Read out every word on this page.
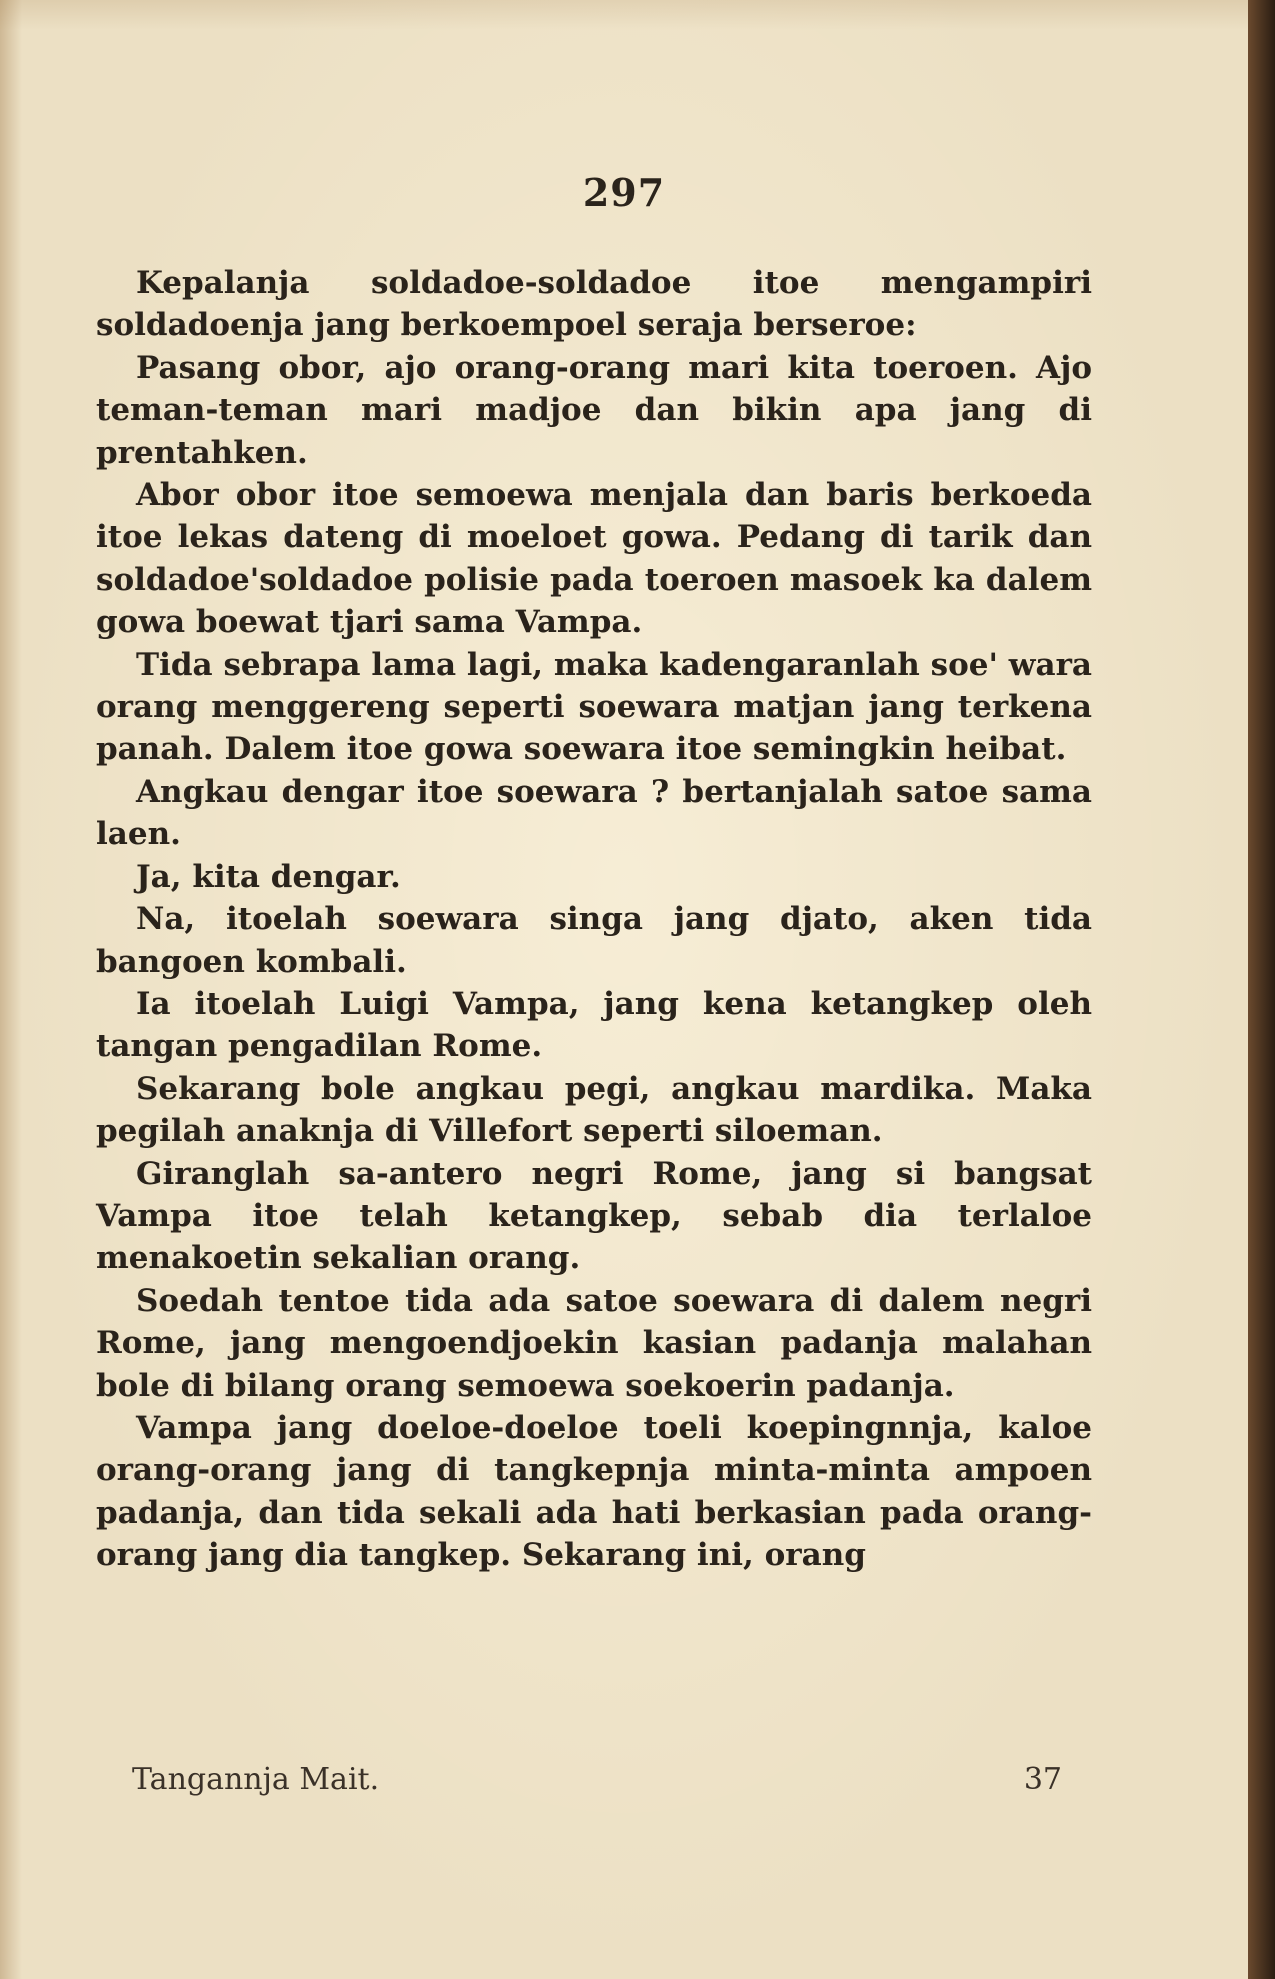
297

Kepalanja soldadoe-soldadoe itoe mengampiri soldadoenja jang berkoempoel seraja berseroe:

Pasang obor, ajo orang-orang mari kita toeroen. Ajo teman-teman mari madjoe dan bikin apa jang di prentahken.

Abor obor itoe semoewa menjala dan baris berkoeda itoe lekas dateng di moeloet gowa. Pedang di tarik dan soldadoe'soldadoe polisie pada toeroen masoek ka dalem gowa boewat tjari sama Vampa.

Tida sebrapa lama lagi, maka kadengaranlah soe' wara orang menggereng seperti soewara matjan jang terkena panah. Dalem itoe gowa soewara itoe semingkin heibat.

Angkau dengar itoe soewara ? bertanjalah satoe sama laen.

Ja, kita dengar.

Na, itoelah soewara singa jang djato, aken tida bangoen kombali.

Ia itoelah Luigi Vampa, jang kena ketangkep oleh tangan pengadilan Rome.

Sekarang bole angkau pegi, angkau mardika. Maka pegilah anaknja di Villefort seperti siloeman.

Giranglah sa-antero negri Rome, jang si bangsat Vampa itoe telah ketangkep, sebab dia terlaloe menakoetin sekalian orang.

Soedah tentoe tida ada satoe soewara di dalem negri Rome, jang mengoendjoekin kasian padanja malahan bole di bilang orang semoewa soekoerin padanja.

Vampa jang doeloe-doeloe toeli koepingnnja, kaloe orang-orang jang di tangkepnja minta-minta ampoen padanja, dan tida sekali ada hati berkasian pada orang-orang jang dia tangkep. Sekarang ini, orang

Tangannja Mait.	37
